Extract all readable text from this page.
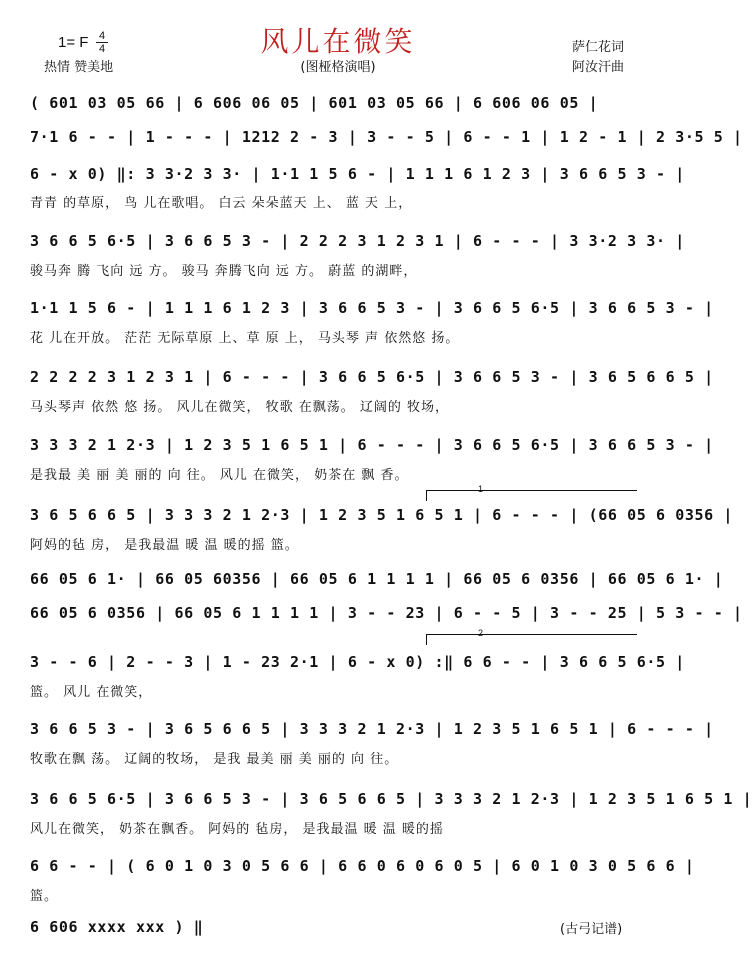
1= F 4
4
热情 赞美地
风儿在微笑
(图桠格演唱)
萨仁花词
阿汝汗曲
( 601 03 05 66 | 6 606 06 05 | 601 03 05 66 | 6 606 06 05 |
7·1 6 - - | 1 - - - | 1212 2 - 3 | 3 - - 5 | 6 - - 1 | 1 2 - 1 | 2 3·5 5 |
6 - x 0) ‖: 3 3·2 3 3· | 1·1 1 5 6 - | 1 1 1 6 1 2 3 | 3 6 6 5 3 - |
青青 的草原， 鸟 儿在歌唱。 白云 朵朵蓝天 上、 蓝 天 上，
3 6 6 5 6·5 | 3 6 6 5 3 - | 2 2 2 3 1 2 3 1 | 6 - - - | 3 3·2 3 3· |
骏马奔 腾 飞向 远 方。 骏马 奔腾飞向 远 方。 蔚蓝 的湖畔，
1·1 1 5 6 - | 1 1 1 6 1 2 3 | 3 6 6 5 3 - | 3 6 6 5 6·5 | 3 6 6 5 3 - |
花 儿在开放。 茫茫 无际草原 上、草 原 上， 马头琴 声 依然悠 扬。
2 2 2 2 3 1 2 3 1 | 6 - - - | 3 6 6 5 6·5 | 3 6 6 5 3 - | 3 6 5 6 6 5 |
马头琴声 依然 悠 扬。 风儿在微笑， 牧歌 在飘荡。 辽阔的 牧场，
3 3 3 2 1 2·3 | 1 2 3 5 1 6 5 1 | 6 - - - | 3 6 6 5 6·5 | 3 6 6 5 3 - |
是我最 美 丽 美 丽的 向 往。 风儿 在微笑， 奶茶在 飘 香。
1
3 6 5 6 6 5 | 3 3 3 2 1 2·3 | 1 2 3 5 1 6 5 1 | 6 - - - | (66 05 6 0356 |
阿妈的毡 房， 是我最温 暖 温 暖的摇 篮。
66 05 6 1· | 66 05 60356 | 66 05 6 1 1 1 1 | 66 05 6 0356 | 66 05 6 1· |
66 05 6 0356 | 66 05 6 1 1 1 1 | 3 - - 23 | 6 - - 5 | 3 - - 25 | 5 3 - - |
2
3 - - 6 | 2 - - 3 | 1 - 23 2·1 | 6 - x 0) :‖ 6 6 - - | 3 6 6 5 6·5 |
篮。 风儿 在微笑，
3 6 6 5 3 - | 3 6 5 6 6 5 | 3 3 3 2 1 2·3 | 1 2 3 5 1 6 5 1 | 6 - - - |
牧歌在飘 荡。 辽阔的牧场， 是我 最美 丽 美 丽的 向 往。
3 6 6 5 6·5 | 3 6 6 5 3 - | 3 6 5 6 6 5 | 3 3 3 2 1 2·3 | 1 2 3 5 1 6 5 1 |
风儿在微笑， 奶茶在飘香。 阿妈的 毡房， 是我最温 暖 温 暖的摇
6 6 - - | ( 6 0 1 0 3 0 5 6 6 | 6 6 0 6 0 6 0 5 | 6 0 1 0 3 0 5 6 6 |
篮。
6 606 xxxx xxx ) ‖	(古弓记谱)
